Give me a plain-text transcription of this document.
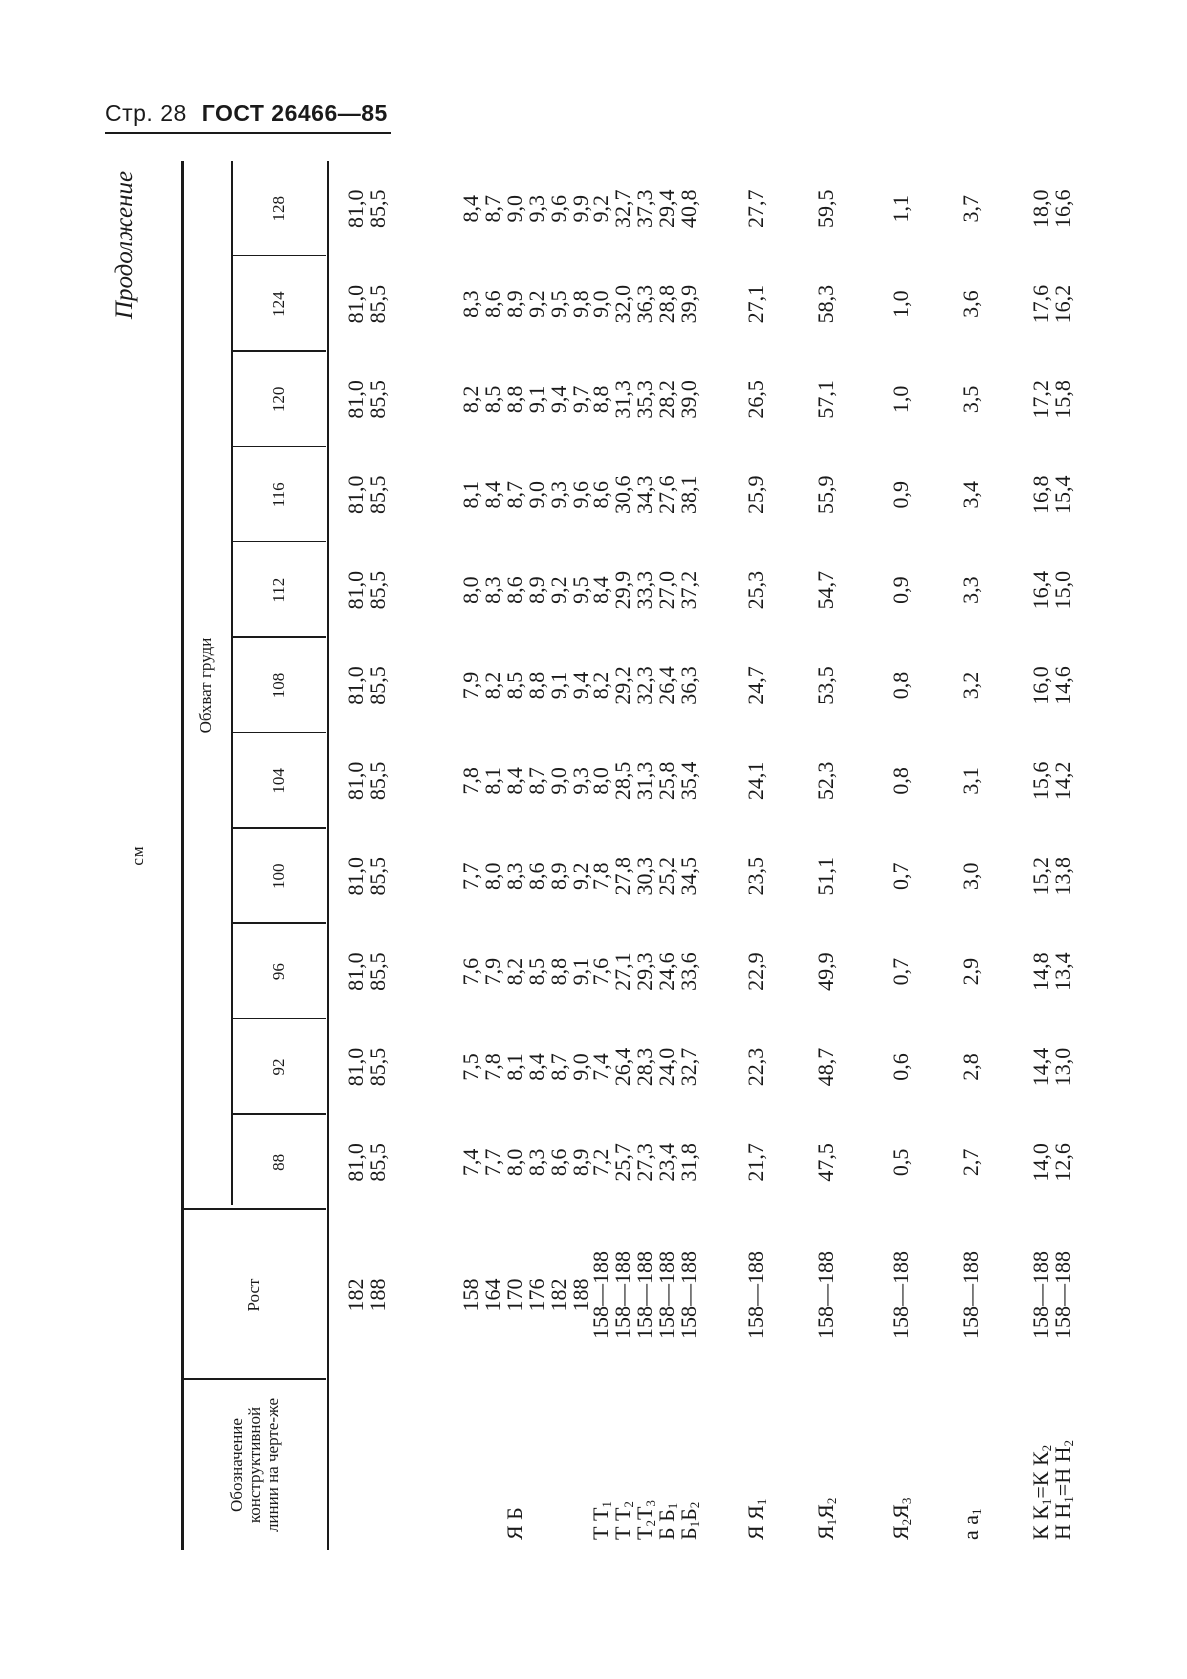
Стр. 28 ГОСТ 26466—85
Продолжение
см
Обозначение конструктивной линии на черте-же
Рост
Обхват груди
88
92
96
100
104
108
112
116
120
124
128
182
188
81,0
85,5
81,0
85,5
81,0
85,5
81,0
85,5
81,0
85,5
81,0
85,5
81,0
85,5
81,0
85,5
81,0
85,5
81,0
85,5
81,0
85,5
Я Б
158
164
170
176
182
188
7,4
7,7
8,0
8,3
8,6
8,9
7,5
7,8
8,1
8,4
8,7
9,0
7,6
7,9
8,2
8,5
8,8
9,1
7,7
8,0
8,3
8,6
8,9
9,2
7,8
8,1
8,4
8,7
9,0
9,3
7,9
8,2
8,5
8,8
9,1
9,4
8,0
8,3
8,6
8,9
9,2
9,5
8,1
8,4
8,7
9,0
9,3
9,6
8,2
8,5
8,8
9,1
9,4
9,7
8,3
8,6
8,9
9,2
9,5
9,8
8,4
8,7
9,0
9,3
9,6
9,9
Т $Т_1$
Т $Т_2$
$Т_2Т_3$
Б $Б_1$
$Б_1Б_2$
158—188
158—188
158—188
158—188
158—188
7,2
25,7
27,3
23,4
31,8
7,4
26,4
28,3
24,0
32,7
7,6
27,1
29,3
24,6
33,6
7,8
27,8
30,3
25,2
34,5
8,0
28,5
31,3
25,8
35,4
8,2
29,2
32,3
26,4
36,3
8,4
29,9
33,3
27,0
37,2
8,6
30,6
34,3
27,6
38,1
8,8
31,3
35,3
28,2
39,0
9,0
32,0
36,3
28,8
39,9
9,2
32,7
37,3
29,4
40,8
Я $Я_1$
158—188
21,7
22,3
22,9
23,5
24,1
24,7
25,3
25,9
26,5
27,1
27,7
$Я_1Я_2$
158—188
47,5
48,7
49,9
51,1
52,3
53,5
54,7
55,9
57,1
58,3
59,5
$Я_2Я_3$
158—188
0,5
0,6
0,7
0,7
0,8
0,8
0,9
0,9
1,0
1,0
1,1
а $а_1$
158—188
2,7
2,8
2,9
3,0
3,1
3,2
3,3
3,4
3,5
3,6
3,7
К $К_1=К$ $К_2$
Н $Н_1=Н$ $Н_2$
158—188
158—188
14,0
12,6
14,4
13,0
14,8
13,4
15,2
13,8
15,6
14,2
16,0
14,6
16,4
15,0
16,8
15,4
17,2
15,8
17,6
16,2
18,0
16,6
